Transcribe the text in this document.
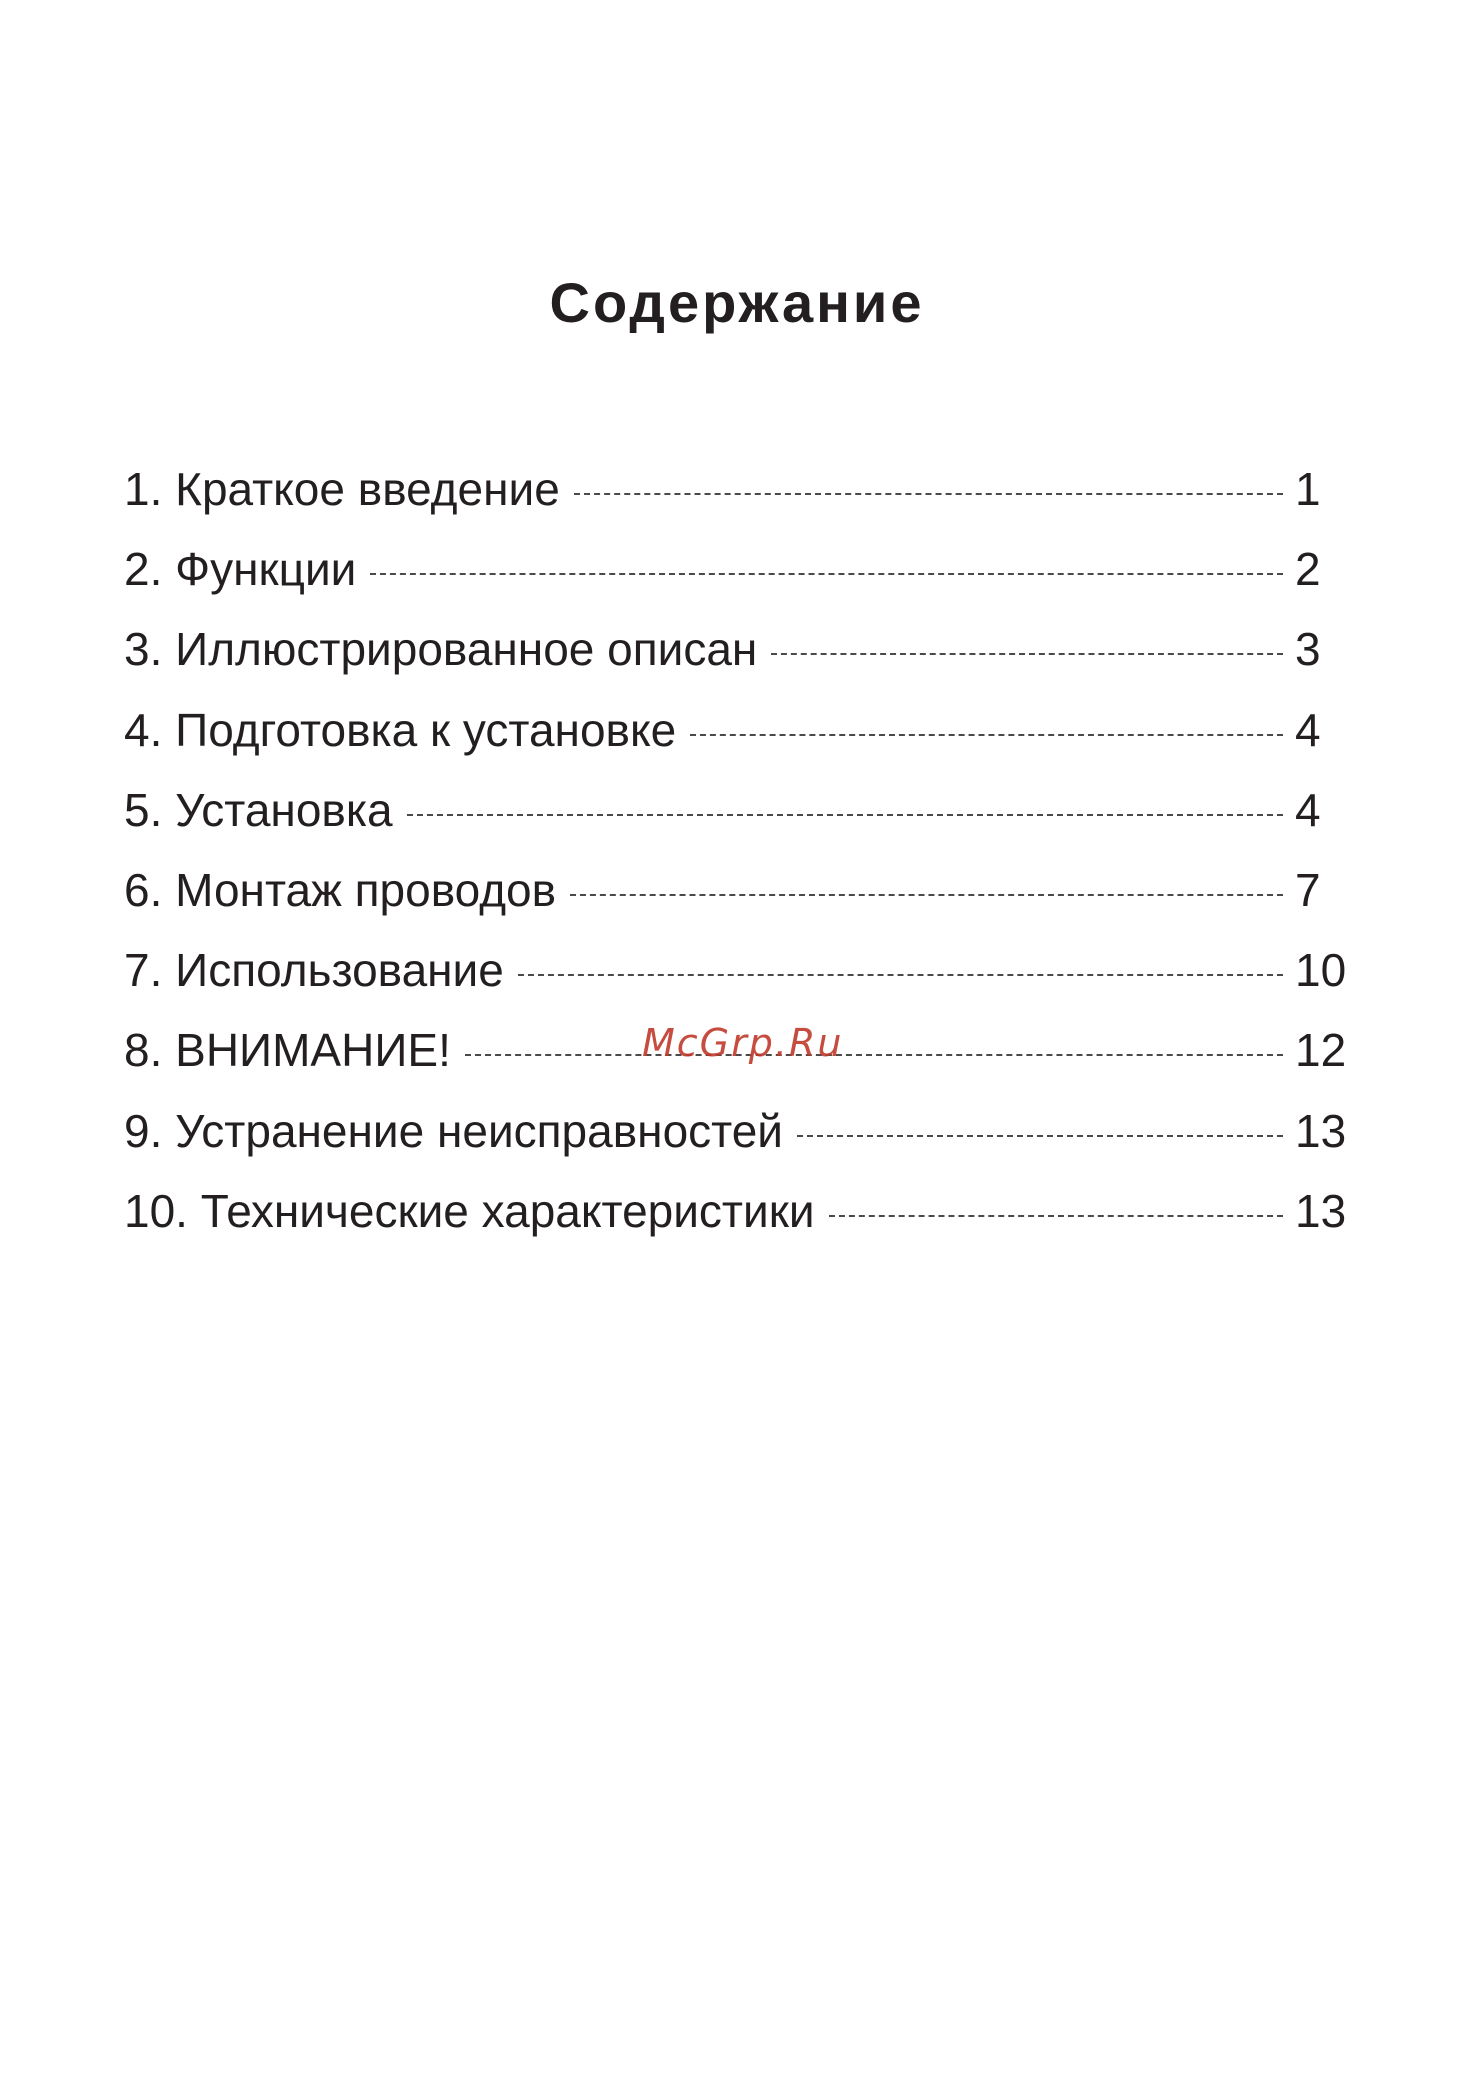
Содержание
1. Краткое введение	1
2. Функции	2
3. Иллюстрированное описан	3
4. Подготовка к установке	4
5. Установка	4
6. Монтаж проводов	7
7. Использование	10
8. ВНИМАНИЕ!	12
9. Устранение неисправностей	13
10. Технические характеристики	13
McGrp.Ru
